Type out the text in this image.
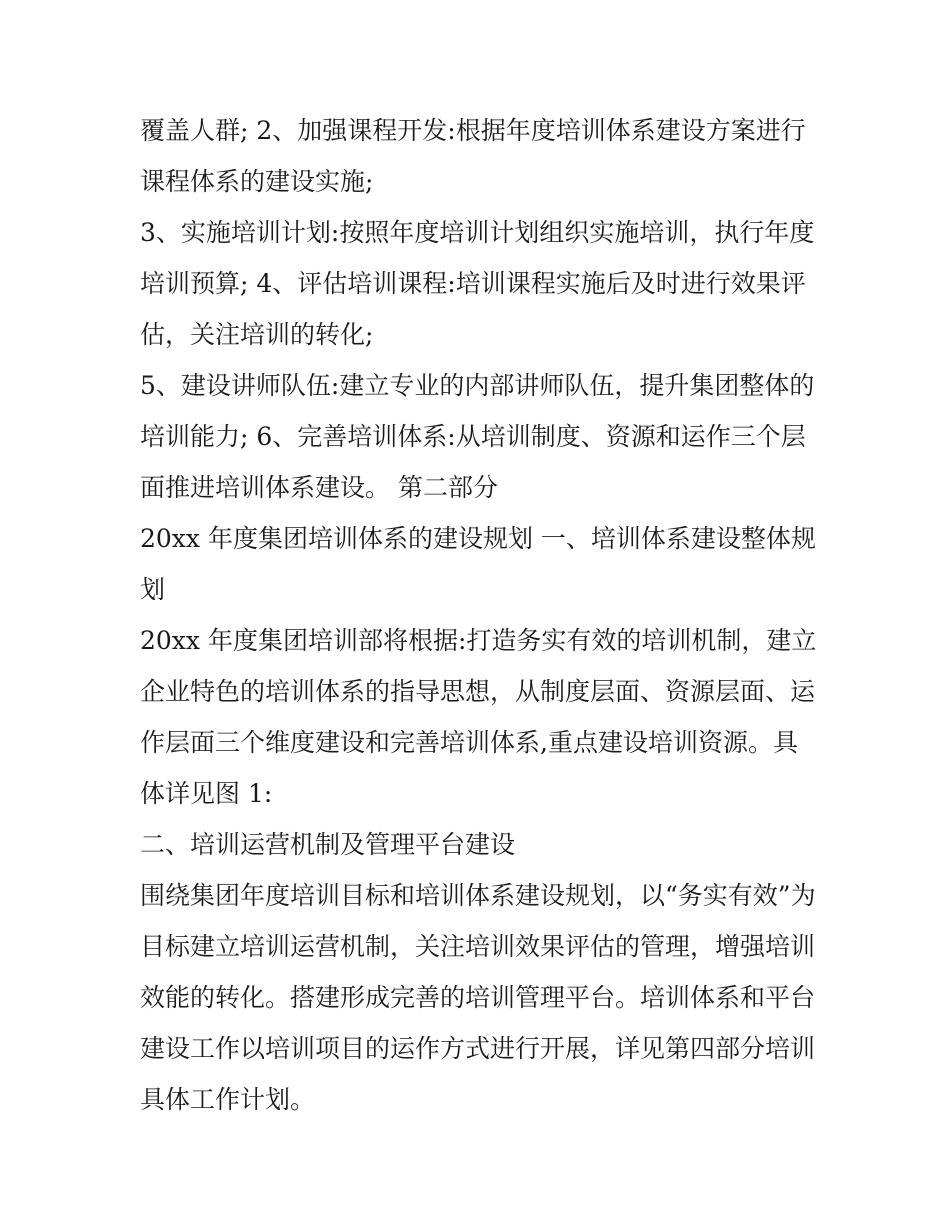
覆盖人群; 2、加强课程开发:根据年度培训体系建设方案进行
课程体系的建设实施;
3、实施培训计划:按照年度培训计划组织实施培训，执行年度
培训预算; 4、评估培训课程:培训课程实施后及时进行效果评
估，关注培训的转化;
5、建设讲师队伍:建立专业的内部讲师队伍，提升集团整体的
培训能力; 6、完善培训体系:从培训制度、资源和运作三个层
面推进培训体系建设。 第二部分
20xx 年度集团培训体系的建设规划 一、培训体系建设整体规
划
20xx 年度集团培训部将根据:打造务实有效的培训机制，建立
企业特色的培训体系的指导思想，从制度层面、资源层面、运
作层面三个维度建设和完善培训体系,重点建设培训资源。具
体详见图 1:
二、培训运营机制及管理平台建设
围绕集团年度培训目标和培训体系建设规划，以“务实有效”为
目标建立培训运营机制，关注培训效果评估的管理，增强培训
效能的转化。搭建形成完善的培训管理平台。培训体系和平台
建设工作以培训项目的运作方式进行开展，详见第四部分培训
具体工作计划。
